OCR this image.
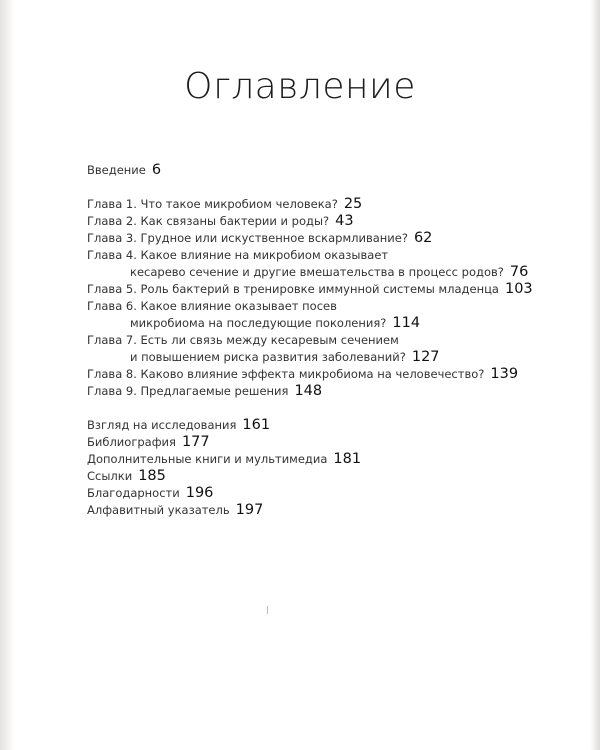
Оглавление
Введение 6
Глава 1. Что такое микробиом человека? 25
Глава 2. Как связаны бактерии и роды? 43
Глава 3. Грудное или искуственное вскармливание? 62
Глава 4. Какое влияние на микробиом оказывает
кесарево сечение и другие вмешательства в процесс родов? 76
Глава 5. Роль бактерий в тренировке иммунной системы младенца 103
Глава 6. Какое влияние оказывает посев
микробиома на последующие поколения? 114
Глава 7. Есть ли связь между кесаревым сечением
и повышением риска развития заболеваний? 127
Глава 8. Каково влияние эффекта микробиома на человечество? 139
Глава 9. Предлагаемые решения 148
Взгляд на исследования 161
Библиография 177
Дополнительные книги и мультимедиа 181
Ссылки 185
Благодарности 196
Алфавитный указатель 197
